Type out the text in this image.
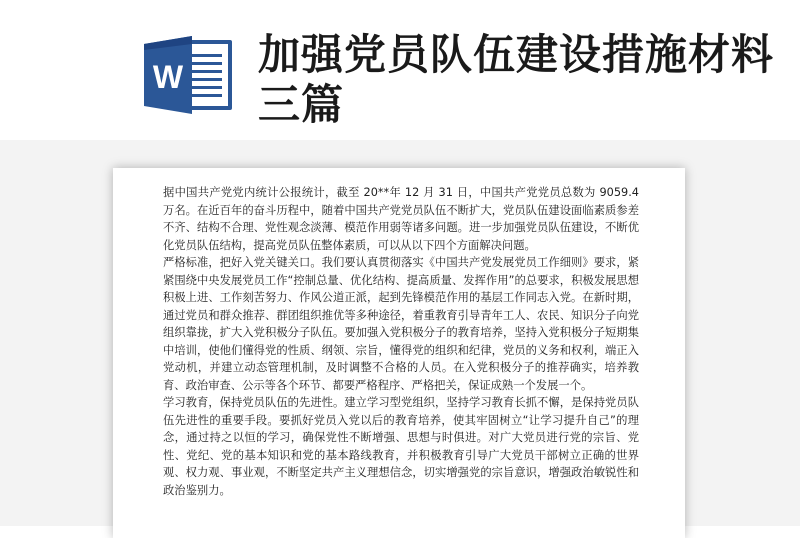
W 加强党员队伍建设措施材料三篇

据中国共产党党内统计公报统计，截至 20**年 12 月 31 日，中国共产党党员总数为 9059.4 万名。在近百年的奋斗历程中，随着中国共产党党员队伍不断扩大，党员队伍建设面临素质参差不齐、结构不合理、党性观念淡薄、模范作用弱等诸多问题。进一步加强党员队伍建设，不断优化党员队伍结构，提高党员队伍整体素质，可以从以下四个方面解决问题。

严格标准，把好入党关键关口。我们要认真贯彻落实《中国共产党发展党员工作细则》要求，紧紧围绕中央发展党员工作“控制总量、优化结构、提高质量、发挥作用”的总要求，积极发展思想积极上进、工作刻苦努力、作风公道正派，起到先锋模范作用的基层工作同志入党。在新时期，通过党员和群众推荐、群团组织推优等多种途径，着重教育引导青年工人、农民、知识分子向党组织靠拢，扩大入党积极分子队伍。要加强入党积极分子的教育培养，坚持入党积极分子短期集中培训，使他们懂得党的性质、纲领、宗旨，懂得党的组织和纪律，党员的义务和权利，端正入党动机，并建立动态管理机制，及时调整不合格的人员。在入党积极分子的推荐确实，培养教育、政治审查、公示等各个环节、都要严格程序、严格把关，保证成熟一个发展一个。

学习教育，保持党员队伍的先进性。建立学习型党组织，坚持学习教育长抓不懈，是保持党员队伍先进性的重要手段。要抓好党员入党以后的教育培养，使其牢固树立“让学习提升自己”的理念，通过持之以恒的学习，确保党性不断增强、思想与时俱进。对广大党员进行党的宗旨、党性、党纪、党的基本知识和党的基本路线教育，并积极教育引导广大党员干部树立正确的世界观、权力观、事业观，不断坚定共产主义理想信念，切实增强党的宗旨意识，增强政治敏锐性和政治鉴别力。
